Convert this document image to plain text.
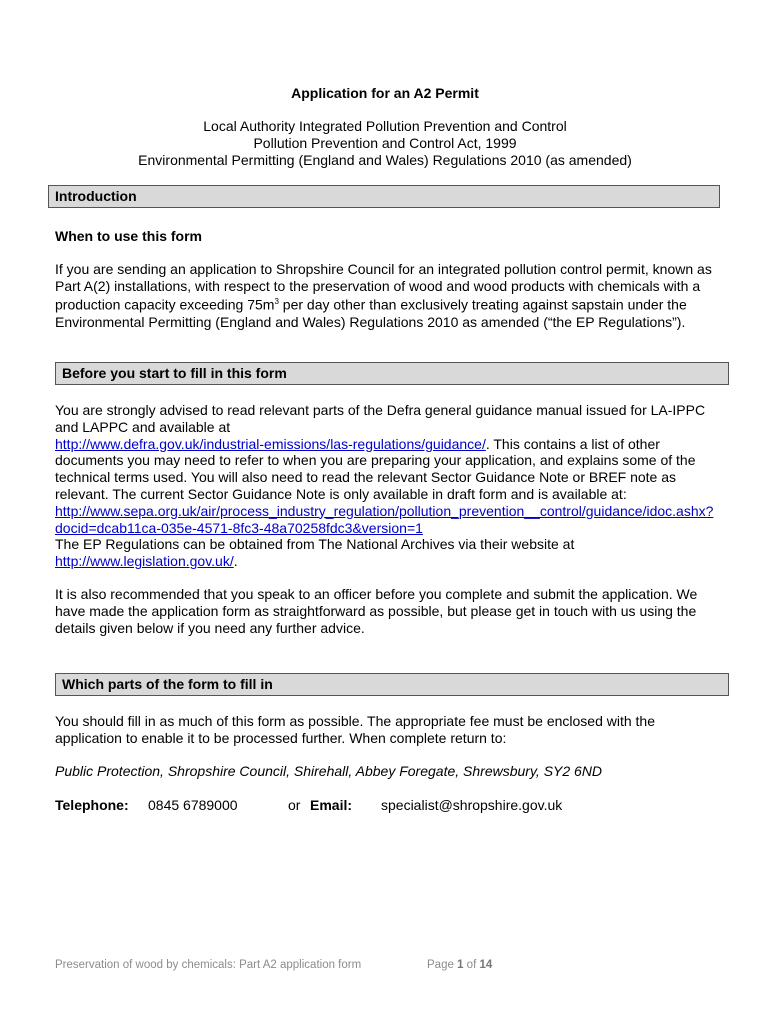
Application for an A2 Permit
Local Authority Integrated Pollution Prevention and Control
Pollution Prevention and Control Act, 1999
Environmental Permitting (England and Wales) Regulations 2010 (as amended)
Introduction

When to use this form

If you are sending an application to Shropshire Council for an integrated pollution control permit, known as Part A(2) installations, with respect to the preservation of wood and wood products with chemicals with a production capacity exceeding $75m^3$ per day other than exclusively treating against sapstain under the Environmental Permitting (England and Wales) Regulations 2010 as amended (“the EP Regulations”).

Before you start to fill in this form

You are strongly advised to read relevant parts of the Defra general guidance manual issued for LA-IPPC and LAPPC and available at
http://www.defra.gov.uk/industrial-emissions/las-regulations/guidance/. This contains a list of other documents you may need to refer to when you are preparing your application, and explains some of the technical terms used. You will also need to read the relevant Sector Guidance Note or BREF note as relevant. The current Sector Guidance Note is only available in draft form and is available at:
http://www.sepa.org.uk/air/process_industry_regulation/pollution_prevention__control/guidance/idoc.ashx?docid=dcab11ca-035e-4571-8fc3-48a70258fdc3&version=1
The EP Regulations can be obtained from The National Archives via their website at
http://www.legislation.gov.uk/.

It is also recommended that you speak to an officer before you complete and submit the application. We have made the application form as straightforward as possible, but please get in touch with us using the details given below if you need any further advice.

Which parts of the form to fill in

You should fill in as much of this form as possible. The appropriate fee must be enclosed with the application to enable it to be processed further. When complete return to:

Public Protection, Shropshire Council, Shirehall, Abbey Foregate, Shrewsbury, SY2 6ND

Telephone: 0845 6789000	or Email: specialist@shropshire.gov.uk
Preservation of wood by chemicals: Part A2 application form	Page 1 of 14
